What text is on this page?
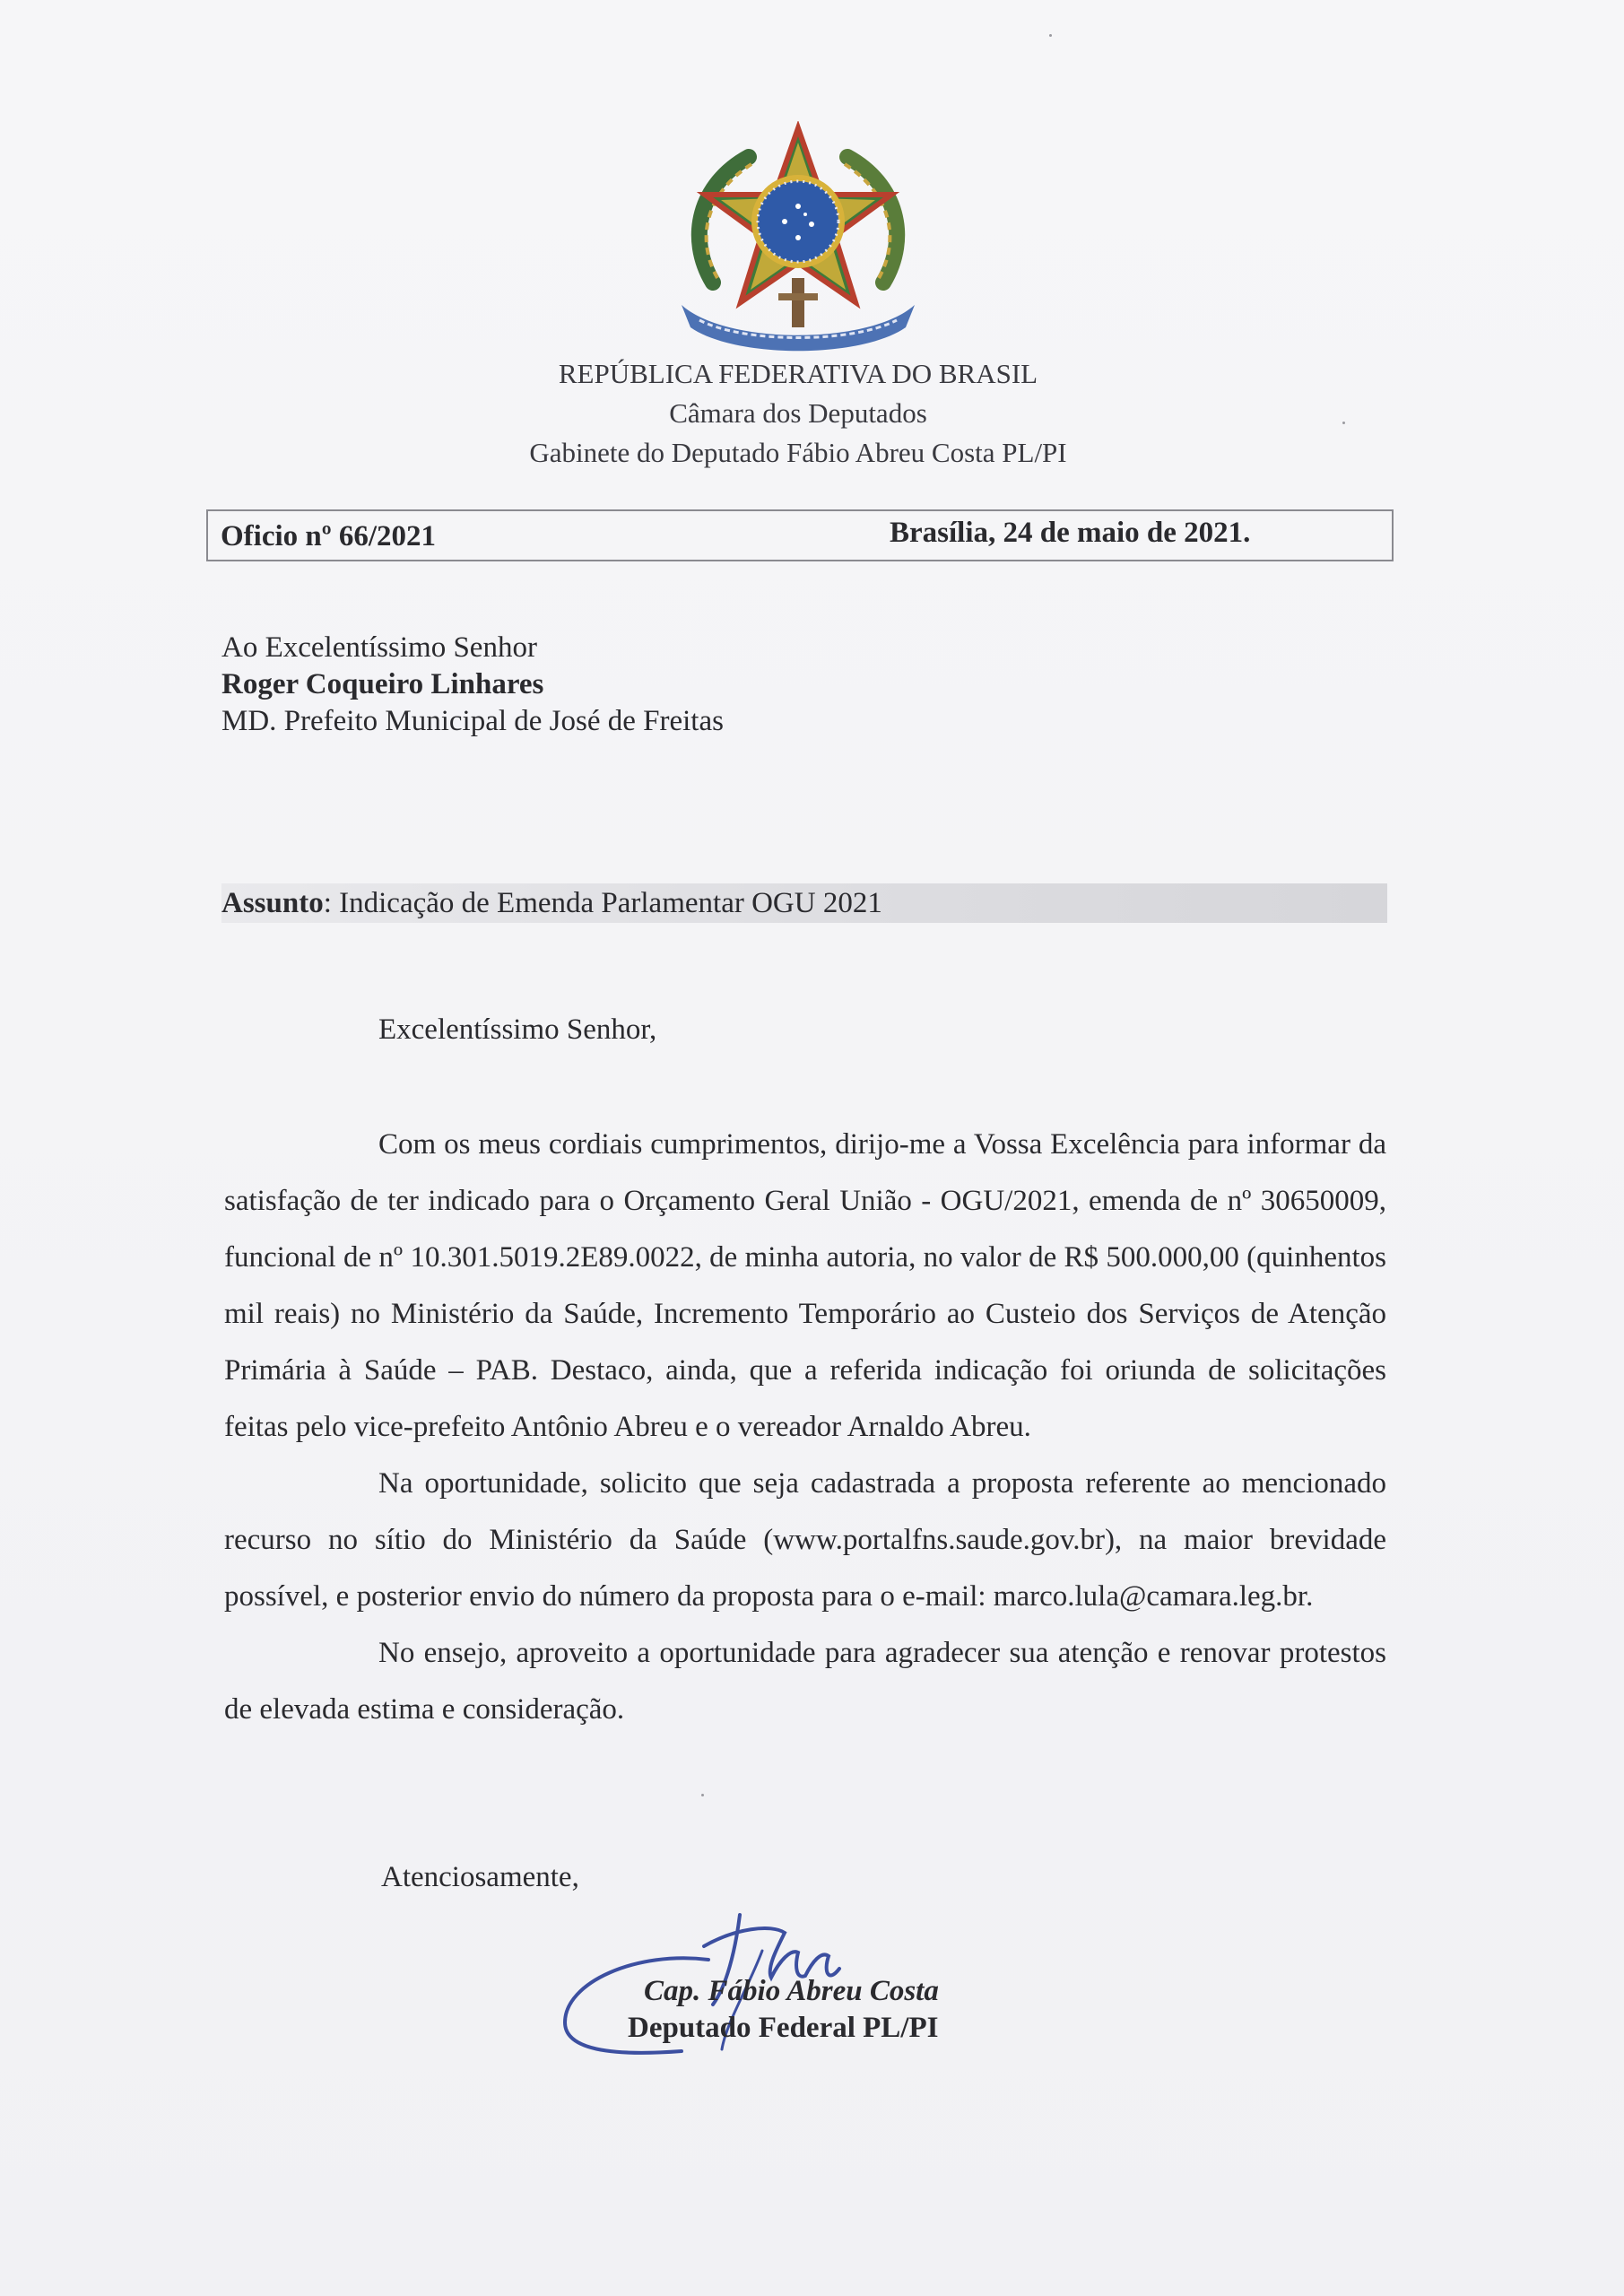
REPÚBLICA FEDERATIVA DO BRASIL
Câmara dos Deputados
Gabinete do Deputado Fábio Abreu Costa PL/PI
Oficio nº 66/2021	Brasília, 24 de maio de 2021.
Ao Excelentíssimo Senhor
Roger Coqueiro Linhares
MD. Prefeito Municipal de José de Freitas
Assunto: Indicação de Emenda Parlamentar OGU 2021
Excelentíssimo Senhor,

Com os meus cordiais cumprimentos, dirijo-me a Vossa Excelência para informar da satisfação de ter indicado para o Orçamento Geral União - OGU/2021, emenda de nº 30650009, funcional de nº 10.301.5019.2E89.0022, de minha autoria, no valor de R$ 500.000,00 (quinhentos mil reais) no Ministério da Saúde, Incremento Temporário ao Custeio dos Serviços de Atenção Primária à Saúde – PAB. Destaco, ainda, que a referida indicação foi oriunda de solicitações feitas pelo vice-prefeito Antônio Abreu e o vereador Arnaldo Abreu.

Na oportunidade, solicito que seja cadastrada a proposta referente ao mencionado recurso no sítio do Ministério da Saúde (www.portalfns.saude.gov.br), na maior brevidade possível, e posterior envio do número da proposta para o e-mail: marco.lula@camara.leg.br.

No ensejo, aproveito a oportunidade para agradecer sua atenção e renovar protestos de elevada estima e consideração.

Atenciosamente,
Cap. Fábio Abreu Costa
Deputado Federal PL/PI
